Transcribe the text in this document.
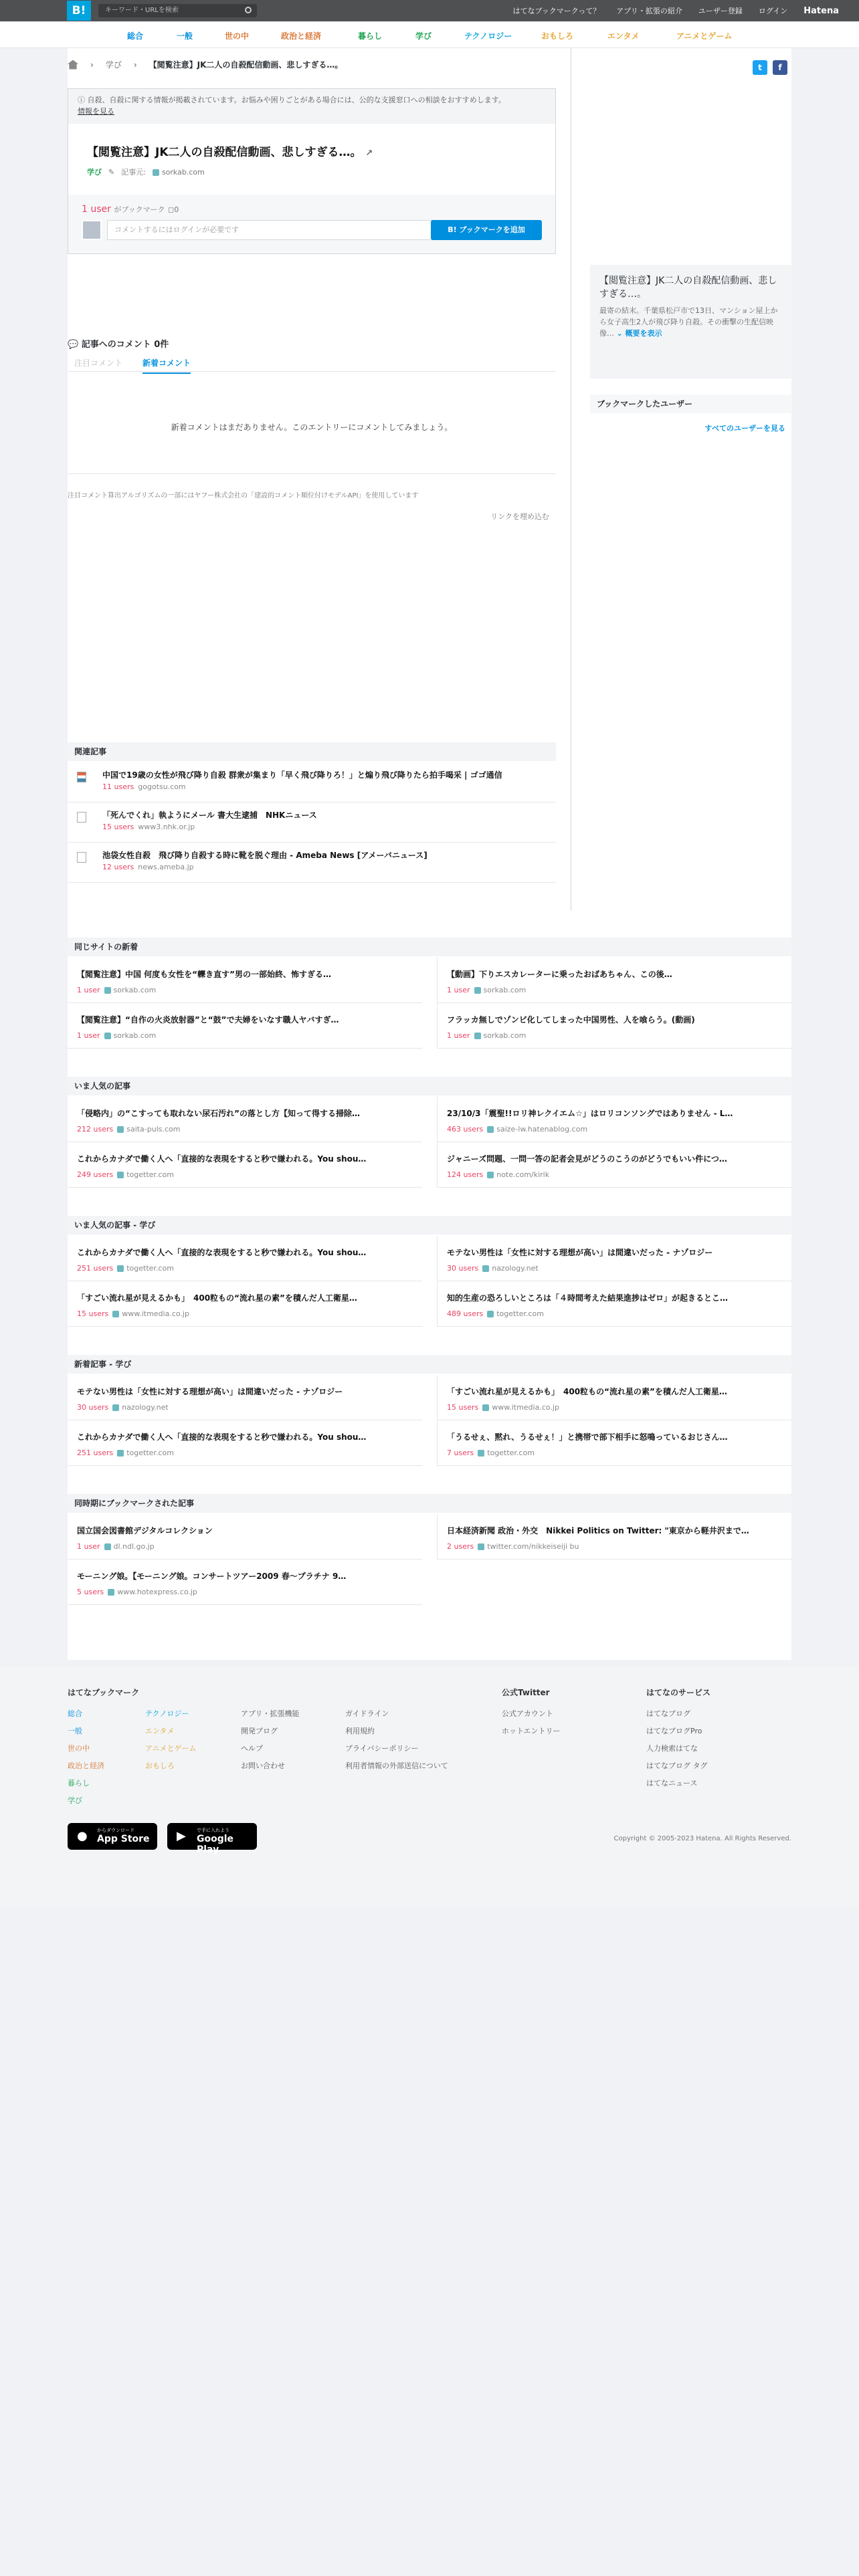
B!	キーワード・URLを検索	はてなブックマークって？ アプリ・拡張の紹介 ユーザー登録 ログイン Hatena
総合	一般	世の中	政治と経済	暮らし	学び	テクノロジー	おもしろ	エンタメ	アニメとゲーム
› 学び › 【閲覧注意】JK二人の自殺配信動画、悲しすぎる…。	t	f
ⓘ 自殺、自殺に関する情報が掲載されています。お悩みや困りごとがある場合には、公的な支援窓口への相談をおすすめします。
情報を見る
【閲覧注意】JK二人の自殺配信動画、悲しすぎる…。 ↗
学び ✎ 記事元:	sorkab.com
1 user がブックマーク ◻0
コメントするにはログインが必要です	B! ブックマークを追加
💬 記事へのコメント 0件
注目コメント 新着コメント
新着コメントはまだありません。このエントリーにコメントしてみましょう。
注目コメント算出アルゴリズムの一部にはヤフー株式会社の「建設的コメント順位付けモデルAPI」を使用しています
リンクを埋め込む
関連記事
【閲覧注意】JK二人の自殺配信動画、悲しすぎる…。

最寄の結末。千葉県松戸市で13日、マンション屋上から女子高生2人が飛び降り自殺。その衝撃の生配信映像… ⌄ 概要を表示

ブックマークしたユーザー
すべてのユーザーを見る
中国で19歳の女性が飛び降り自殺 群衆が集まり「早く飛び降りろ！」と煽り飛び降りたら拍手喝采 | ゴゴ通信
11 users gogotsu.com
「死んでくれ」執ようにメール 書大生逮捕　NHKニュース
15 users www3.nhk.or.jp
池袋女性自殺　飛び降り自殺する時に靴を脱ぐ理由 - Ameba News [アメーバニュース]
12 users news.ameba.jp
同じサイトの新着
【閲覧注意】中国 何度も女性を“轢き直す”男の一部始終、怖すぎる…
1 user sorkab.com
【動画】下りエスカレーターに乗ったおばあちゃん、この後…
1 user sorkab.com
【閲覧注意】“自作の火炎放射器”と“鼓”で夫婦をいなす職人ヤバすぎ…
1 user sorkab.com
フラッカ無しでゾンビ化してしまった中国男性、人を喰らう。(動画)
1 user sorkab.com
いま人気の記事
「侵略内」の“こすっても取れない尿石汚れ”の落とし方【知って得する掃除…
212 users saita-puls.com
23/10/3「震聖!!ロリ神レクイエム☆」はロリコンソングではありません - L…
463 users saize-lw.hatenablog.com
これからカナダで働く人へ「直接的な表現をすると秒で嫌われる。You shou…
249 users togetter.com
ジャニーズ問題、一問一答の記者会見がどうのこうのがどうでもいい件につ…
124 users note.com/kirik
いま人気の記事 - 学び
これからカナダで働く人へ「直接的な表現をすると秒で嫌われる。You shou…
251 users togetter.com
モテない男性は「女性に対する理想が高い」は間違いだった - ナゾロジー
30 users nazology.net
「すごい流れ星が見えるかも」　400粒もの“流れ星の素”を積んだ人工衛星…
15 users www.itmedia.co.jp
知的生産の恐ろしいところは「４時間考えた結果進捗はゼロ」が起きるとこ…
489 users togetter.com
新着記事 - 学び
モテない男性は「女性に対する理想が高い」は間違いだった - ナゾロジー
30 users nazology.net
「すごい流れ星が見えるかも」　400粒もの“流れ星の素”を積んだ人工衛星…
15 users www.itmedia.co.jp
これからカナダで働く人へ「直接的な表現をすると秒で嫌われる。You shou…
251 users togetter.com
「うるせぇ、黙れ、うるせぇ！」と携帯で部下相手に怒鳴っているおじさん…
7 users togetter.com
同時期にブックマークされた記事
国立国会図書館デジタルコレクション
1 user dl.ndl.go.jp
日本経済新聞 政治・外交　Nikkei Politics on Twitter: "東京から軽井沢まで…
2 users twitter.com/nikkeiseiji bu
モーニング娘。【モーニング娘。コンサートツアー2009 春〜プラチナ 9…
5 users www.hotexpress.co.jp
はてなブックマーク
総合
一般
世の中
政治と経済
暮らし
学び
テクノロジー
エンタメ
アニメとゲーム
おもしろ
アプリ・拡張機能
開発ブログ
ヘルプ
お問い合わせ
ガイドライン
利用規約
プライバシーポリシー
利用者情報の外部送信について
公式アカウント
ホットエントリー
はてなブログ
はてなブログPro
人力検索はてな
はてなブログ タグ
はてなニュース
公式Twitter	はてなのサービス
● からダウンロード
App Store	▶ で手に入れよう
Google Play
Copyright © 2005-2023 Hatena. All Rights Reserved.
